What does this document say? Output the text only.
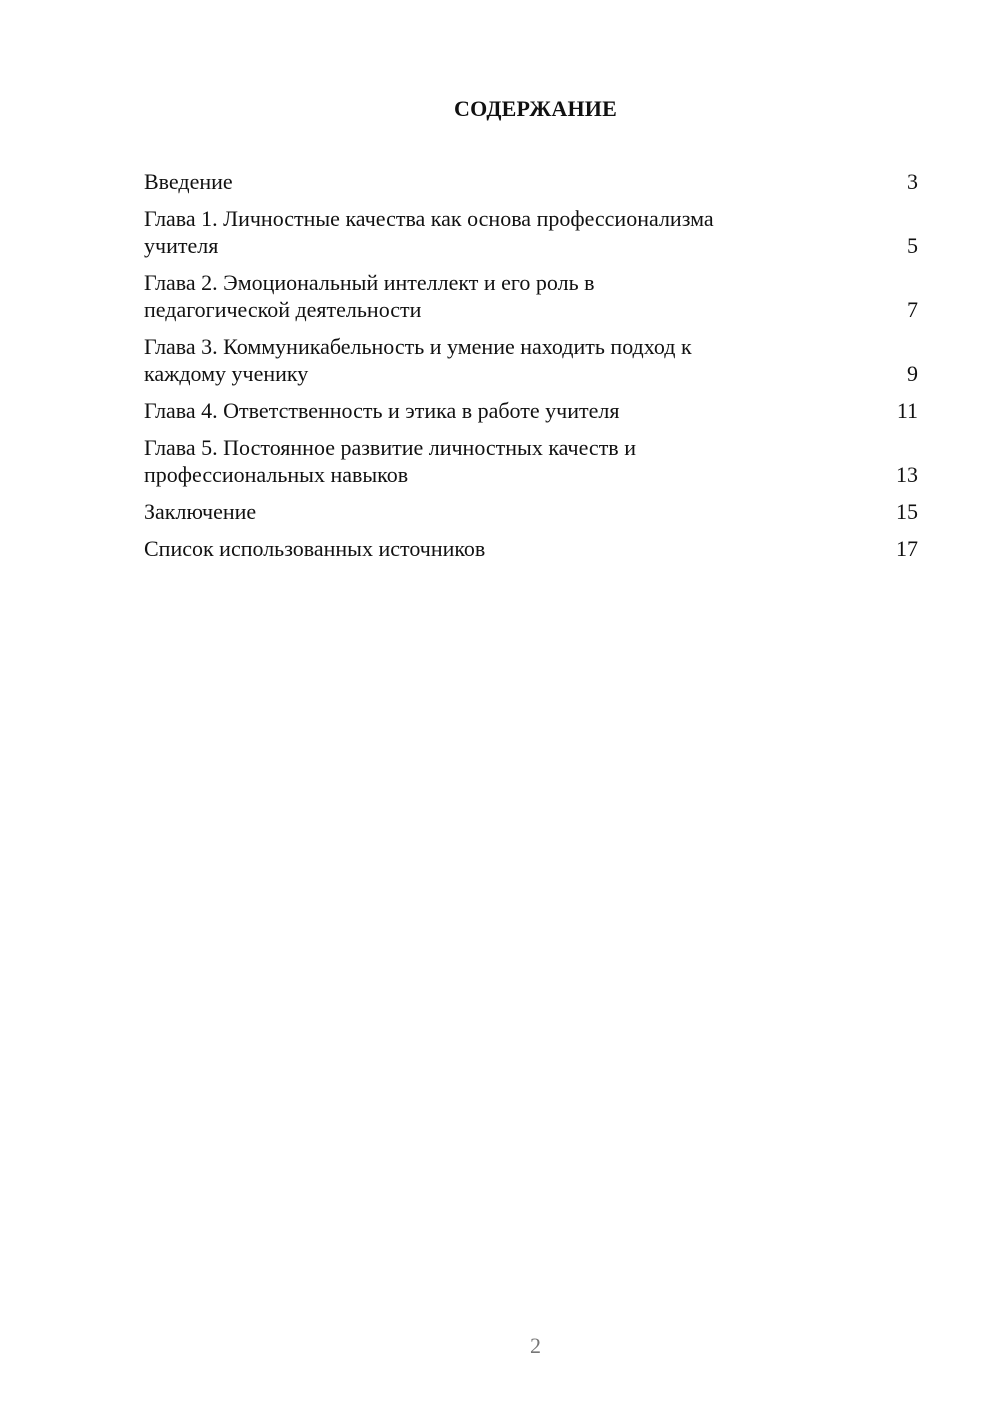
СОДЕРЖАНИЕ
Введение	3
Глава 1. Личностные качества как основа профессионализма
учителя	5
Глава 2. Эмоциональный интеллект и его роль в
педагогической деятельности	7
Глава 3. Коммуникабельность и умение находить подход к
каждому ученику	9
Глава 4. Ответственность и этика в работе учителя	11
Глава 5. Постоянное развитие личностных качеств и
профессиональных навыков	13
Заключение	15
Список использованных источников	17

2
